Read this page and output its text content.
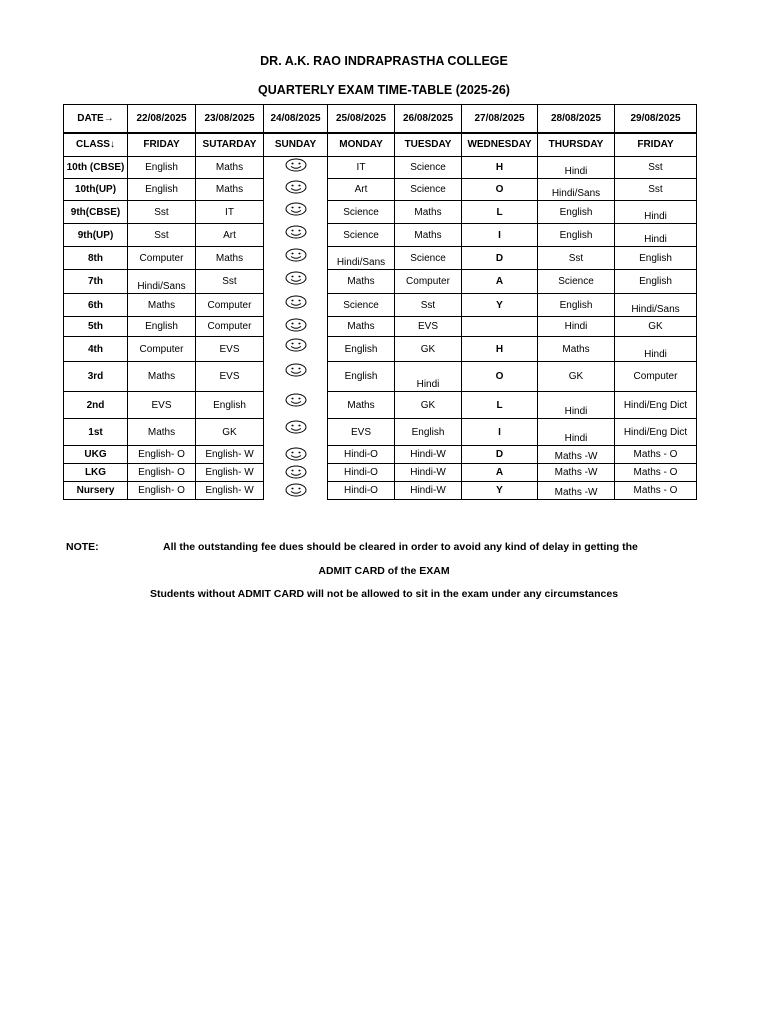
DR. A.K. RAO INDRAPRASTHA COLLEGE
QUARTERLY EXAM TIME-TABLE (2025-26)
DATE→	22/08/2025	23/08/2025	24/08/2025	25/08/2025	26/08/2025	27/08/2025	28/08/2025	29/08/2025
CLASS↓	FRIDAY	SUTARDAY	SUNDAY	MONDAY	TUESDAY	WEDNESDAY	THURSDAY	FRIDAY
10th (CBSE)	English	Maths		IT	Science	H	Hindi	Sst
10th(UP)	English	Maths		Art	Science	O	Hindi/Sans	Sst
9th(CBSE)	Sst	IT		Science	Maths	L	English	Hindi
9th(UP)	Sst	Art		Science	Maths	I	English	Hindi
8th	Computer	Maths		Hindi/Sans	Science	D	Sst	English
7th	Hindi/Sans	Sst		Maths	Computer	A	Science	English
6th	Maths	Computer		Science	Sst	Y	English	Hindi/Sans
5th	English	Computer		Maths	EVS		Hindi	GK
4th	Computer	EVS		English	GK	H	Maths	Hindi
3rd	Maths	EVS		English	Hindi	O	GK	Computer
2nd	EVS	English		Maths	GK	L	Hindi	Hindi/Eng Dict
1st	Maths	GK		EVS	English	I	Hindi	Hindi/Eng Dict
UKG	English- O	English- W		Hindi-O	Hindi-W	D	Maths -W	Maths - O
LKG	English- O	English- W		Hindi-O	Hindi-W	A	Maths -W	Maths - O
Nursery	English- O	English- W		Hindi-O	Hindi-W	Y	Maths -W	Maths - O
NOTE:	All the outstanding fee dues should be cleared in order to avoid any kind of delay in getting the
ADMIT CARD of the EXAM
Students without ADMIT CARD will not be allowed to sit in the exam under any circumstances
